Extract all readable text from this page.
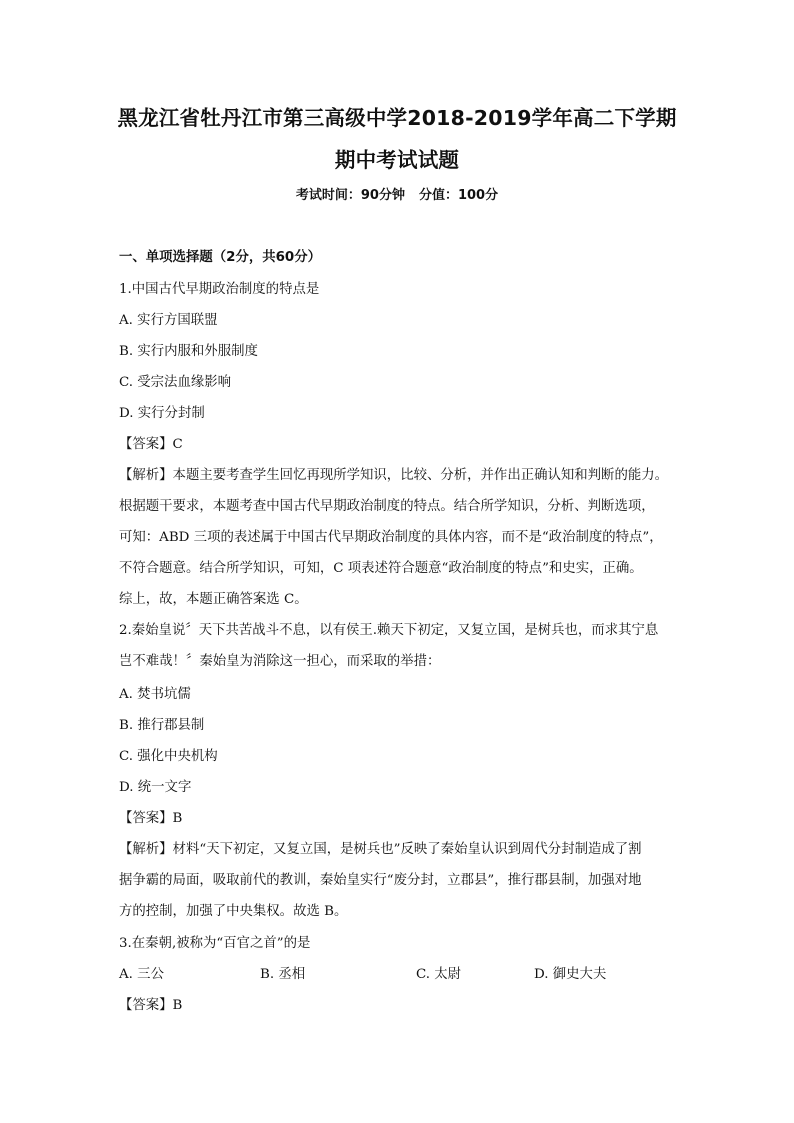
黑龙江省牡丹江市第三高级中学2018-2019学年高二下学期
期中考试试题
考试时间：90分钟 分值：100分
一、单项选择题（2分，共60分）
1.中国古代早期政治制度的特点是
A. 实行方国联盟
B. 实行内服和外服制度
C. 受宗法血缘影响
D. 实行分封制
【答案】C
【解析】本题主要考查学生回忆再现所学知识，比较、分析，并作出正确认知和判断的能力。
根据题干要求，本题考查中国古代早期政治制度的特点。结合所学知识，分析、判断选项，
可知：ABD 三项的表述属于中国古代早期政治制度的具体内容，而不是“政治制度的特点”，
不符合题意。结合所学知识，可知，C 项表述符合题意“政治制度的特点”和史实，正确。
综上，故，本题正确答案选 C。
2.秦始皇说〞天下共苦战斗不息，以有侯王.赖天下初定，又复立国，是树兵也，而求其宁息
岂不难哉！〞秦始皇为消除这一担心，而采取的举措：
A. 焚书坑儒
B. 推行郡县制
C. 强化中央机构
D. 统一文字
【答案】B
【解析】材料“天下初定，又复立国，是树兵也”反映了秦始皇认识到周代分封制造成了割
据争霸的局面，吸取前代的教训，秦始皇实行“废分封，立郡县”，推行郡县制，加强对地
方的控制，加强了中央集权。故选 B。
3.在秦朝,被称为“百官之首”的是
A. 三公	B. 丞相	C. 太尉	D. 御史大夫
【答案】B
